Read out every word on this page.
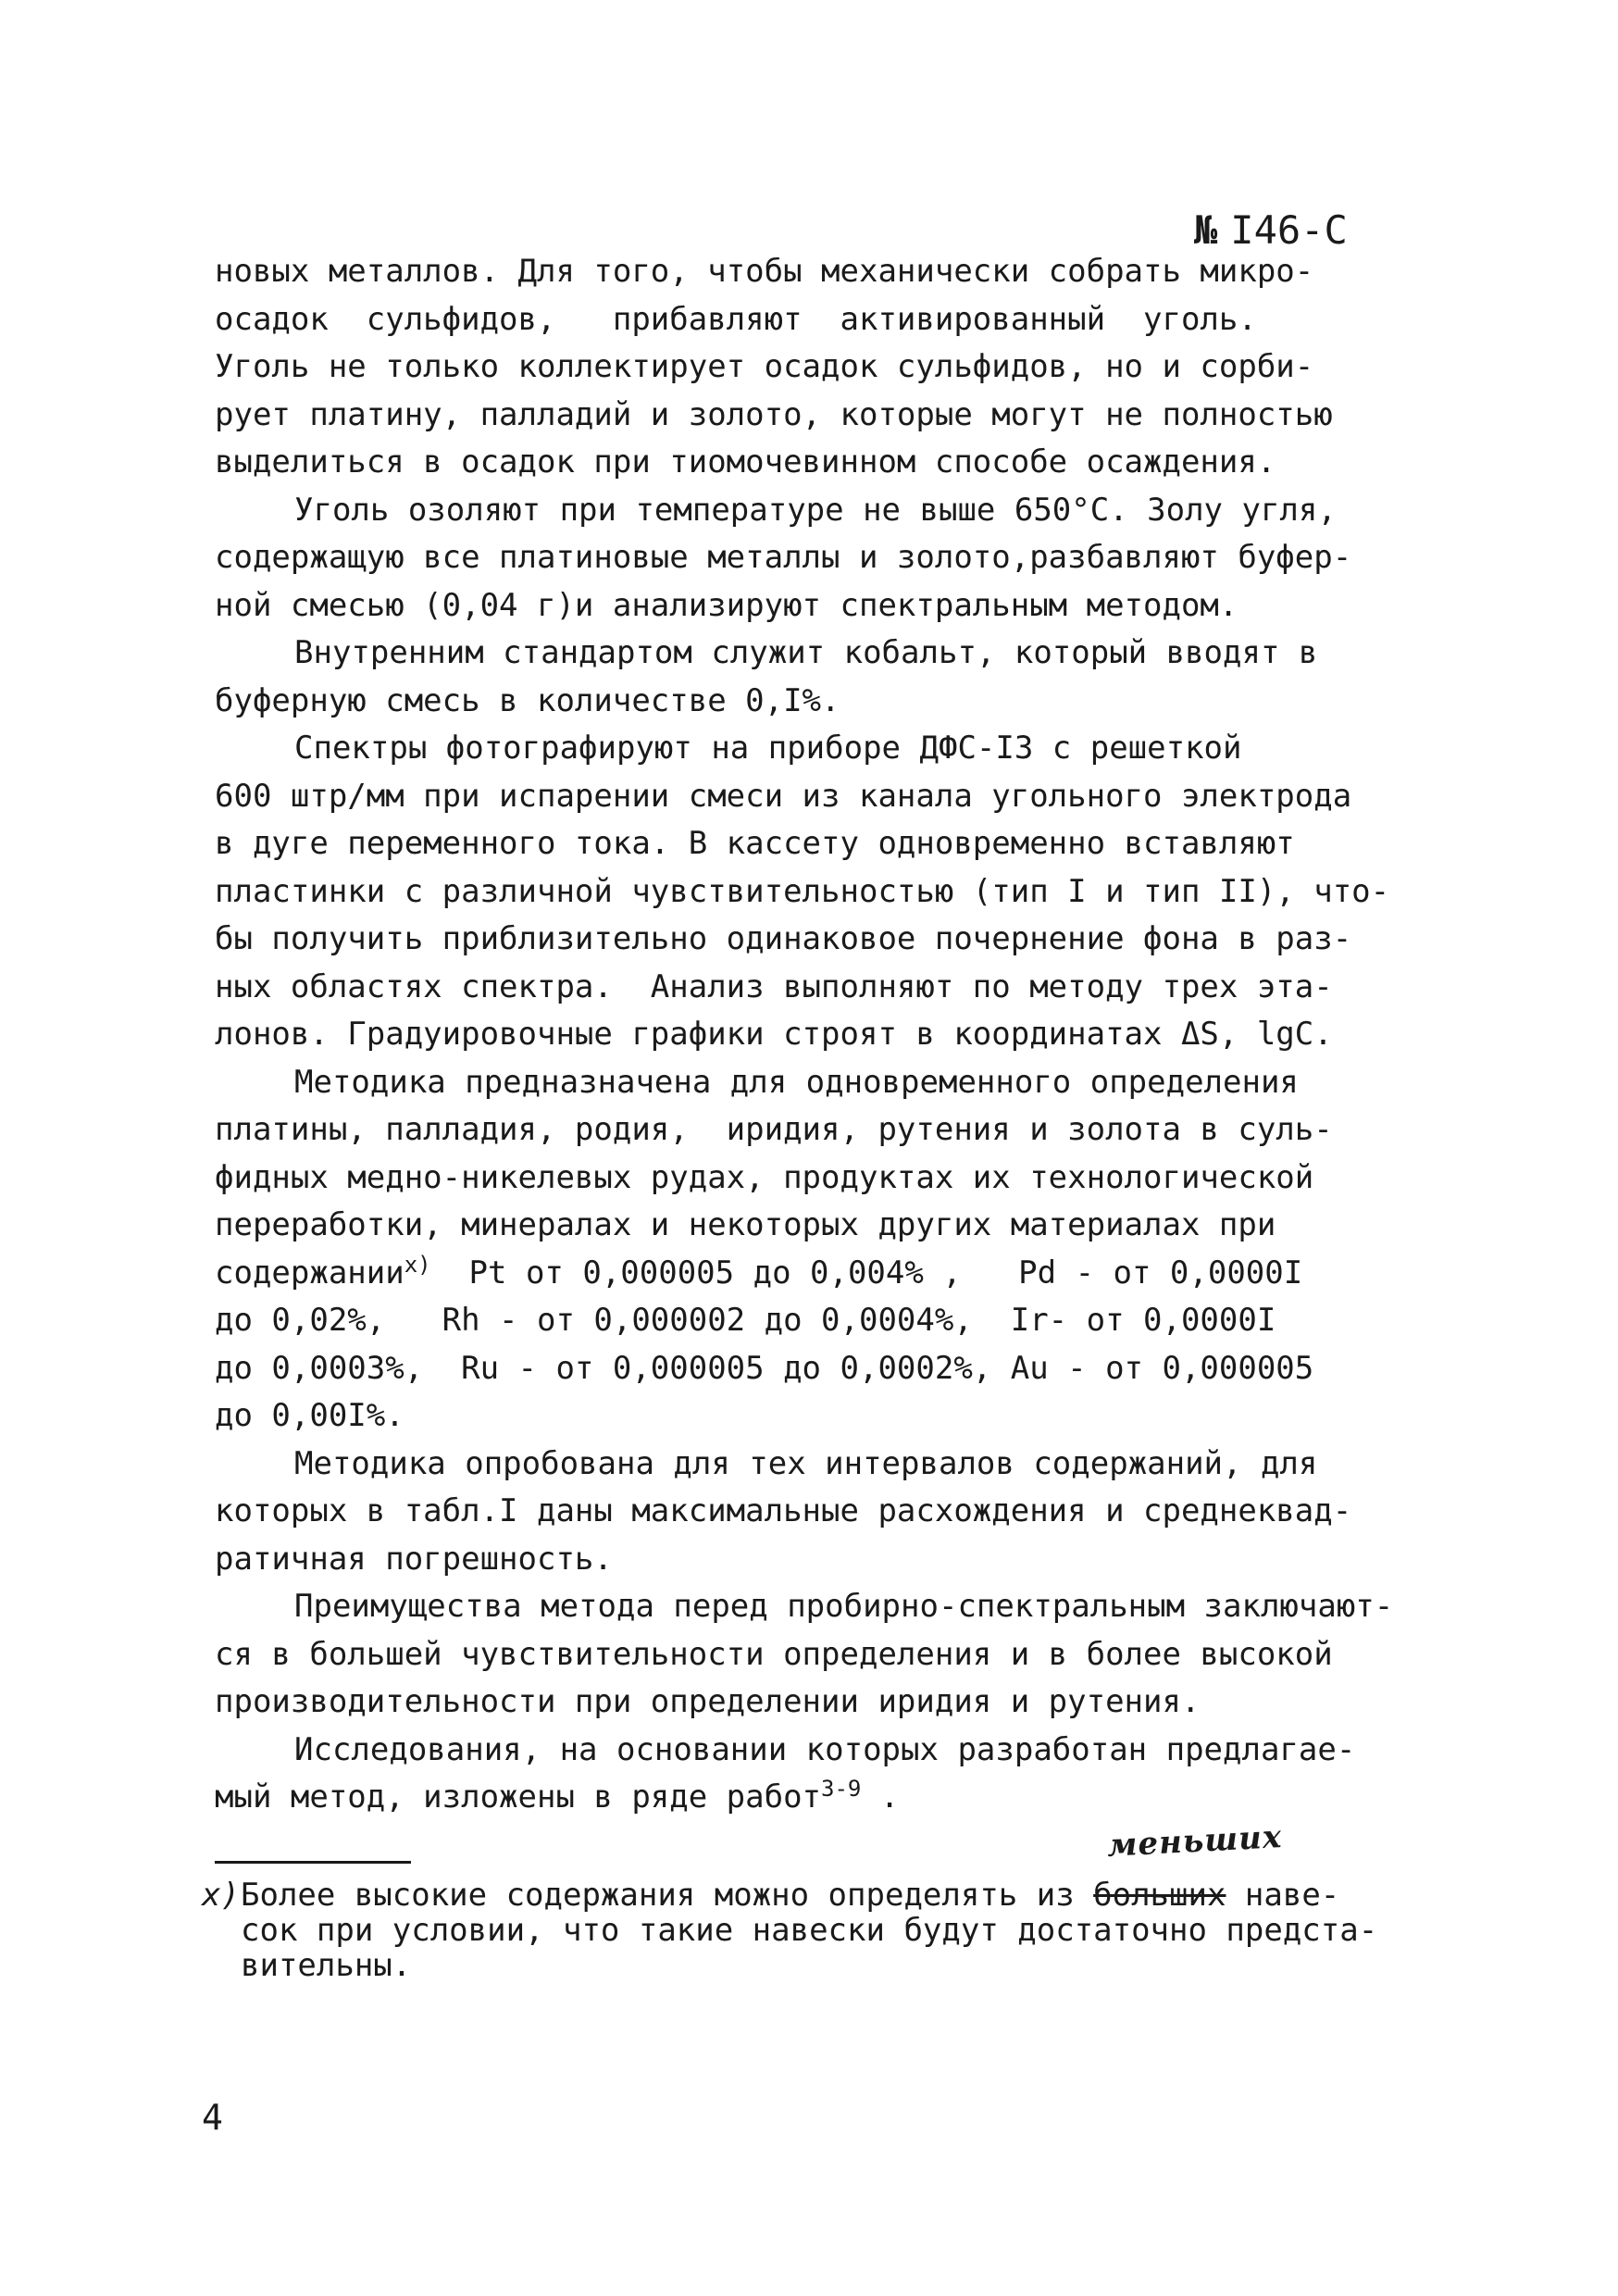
№ I46-С
новых металлов. Для того, чтобы механически собрать микро-
осадок  сульфидов,   прибавляют  активированный  уголь.
Уголь не только коллектирует осадок сульфидов, но и сорби-
рует платину, палладий и золото, которые могут не полностью
выделиться в осадок при тиомочевинном способе осаждения.
Уголь озоляют при температуре не выше 650°С. Золу угля,
содержащую все платиновые металлы и золото,разбавляют буфер-
ной смесью (0,04 г)и анализируют спектральным методом.
Внутренним стандартом служит кобальт, который вводят в
буферную смесь в количестве 0,I%.
Спектры фотографируют на приборе ДФС-I3 с решеткой
600 штр/мм при испарении смеси из канала угольного электрода
в дуге переменного тока. В кассету одновременно вставляют
пластинки с различной чувствительностью (тип I и тип II), что-
бы получить приблизительно одинаковое почернение фона в раз-
ных областях спектра.  Анализ выполняют по методу трех эта-
лонов. Градуировочные графики строят в координатах ΔS, lgC.
Методика предназначена для одновременного определения
платины, палладия, родия,  иридия, рутения и золота в суль-
фидных медно-никелевых рудах, продуктах их технологической
переработки, минералах и некоторых других материалах при
содержании$^{x)}$  Pt от 0,000005 до 0,004% ,   Pd - от 0,0000I
до 0,02%,   Rh - от 0,000002 до 0,0004%,  Ir- от 0,0000I
до 0,0003%,  Ru - от 0,000005 до 0,0002%, Au - от 0,000005
до 0,00I%.
Методика опробована для тех интервалов содержаний, для
которых в табл.I даны максимальные расхождения и среднеквад-
ратичная погрешность.
Преимущества метода перед пробирно-спектральным заключают-
ся в большей чувствительности определения и в более высокой
производительности при определении иридия и рутения.
Исследования, на основании которых разработан предлагае-
мый метод, изложены в ряде работ$^{3-9}$ .
меньших
x)Более высокие содержания можно определять из больших наве-
сок при условии, что такие навески будут достаточно предста-
вительны.
4
